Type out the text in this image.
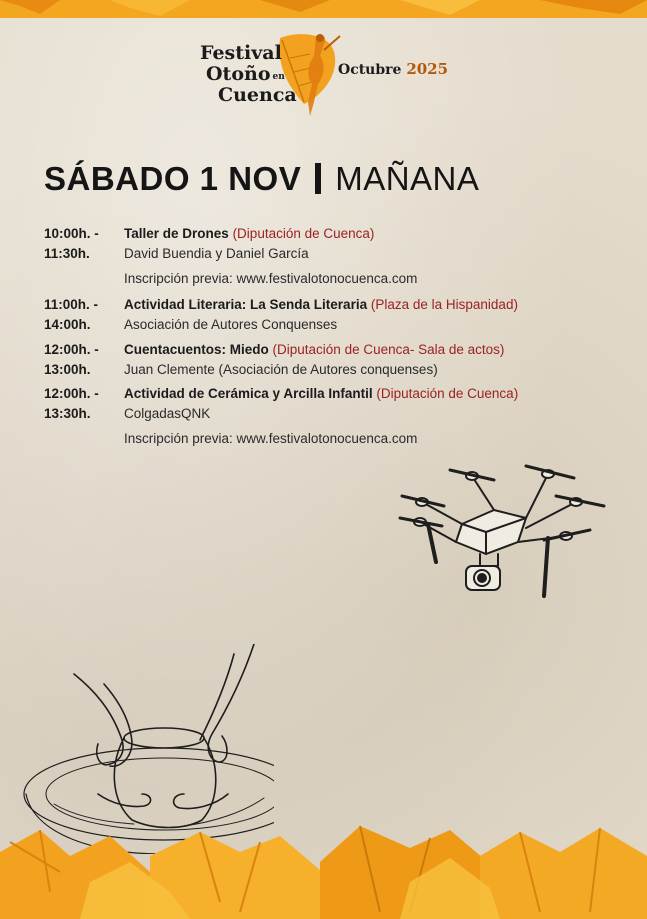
Festival
Otoño en
Cuenca
Octubre 2025
SÁBADO 1 NOV MAÑANA
10:00h. -
11:30h.
Taller de Drones (Diputación de Cuenca)
David Buendia y Daniel García
Inscripción previa: www.festivalotonocuenca.com
11:00h. -
14:00h.
Actividad Literaria: La Senda Literaria (Plaza de la Hispanidad)
Asociación de Autores Conquenses
12:00h. -
13:00h.
Cuentacuentos: Miedo (Diputación de Cuenca- Sala de actos)
Juan Clemente (Asociación de Autores conquenses)
12:00h. -
13:30h.
Actividad de Cerámica y Arcilla Infantil (Diputación de Cuenca)
ColgadasQNK
Inscripción previa: www.festivalotonocuenca.com
